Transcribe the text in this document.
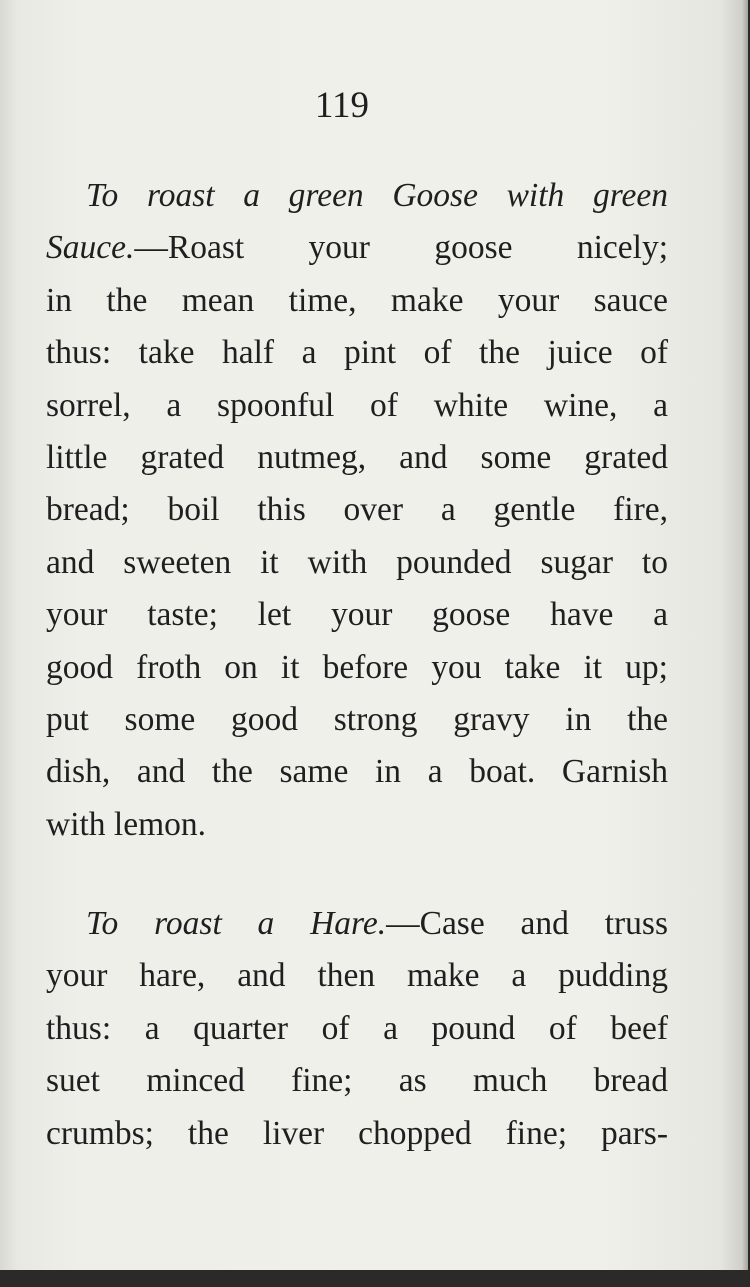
119
To roast a green Goose with green
Sauce.—Roast your goose nicely;
in the mean time, make your sauce
thus: take half a pint of the juice of
sorrel, a spoonful of white wine, a
little grated nutmeg, and some grated
bread; boil this over a gentle fire,
and sweeten it with pounded sugar to
your taste; let your goose have a
good froth on it before you take it up;
put some good strong gravy in the
dish, and the same in a boat. Garnish
with lemon.
To roast a Hare.—Case and truss
your hare, and then make a pudding
thus: a quarter of a pound of beef
suet minced fine; as much bread
crumbs; the liver chopped fine; pars-
